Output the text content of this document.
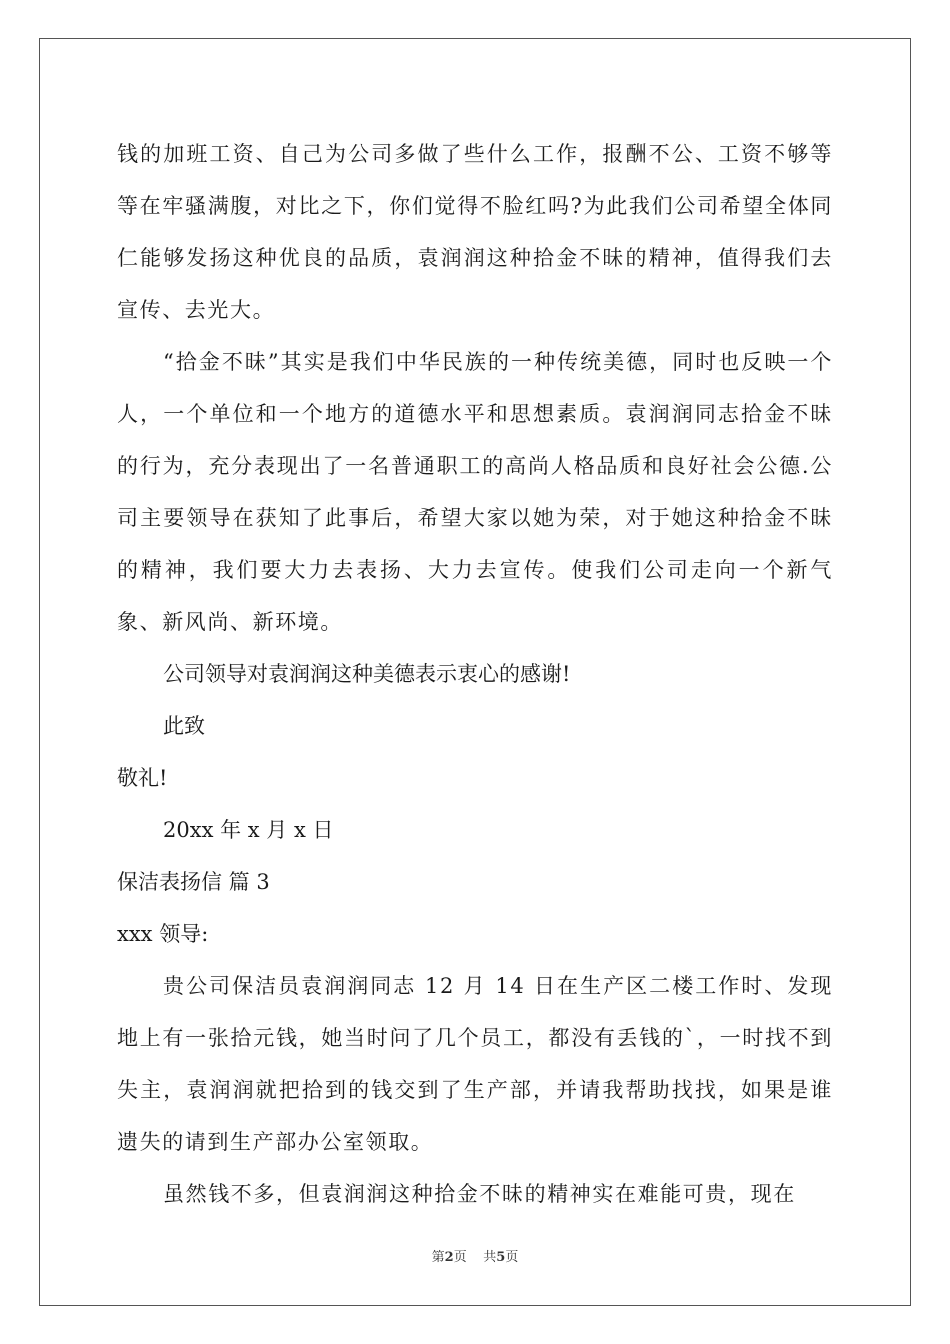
钱的加班工资、自己为公司多做了些什么工作，报酬不公、工资不够等等在牢骚满腹，对比之下，你们觉得不脸红吗?为此我们公司希望全体同仁能够发扬这种优良的品质，袁润润这种拾金不昧的精神，值得我们去宣传、去光大。

“拾金不昧”其实是我们中华民族的一种传统美德，同时也反映一个人，一个单位和一个地方的道德水平和思想素质。袁润润同志拾金不昧的行为，充分表现出了一名普通职工的高尚人格品质和良好社会公德.公司主要领导在获知了此事后，希望大家以她为荣，对于她这种拾金不昧的精神，我们要大力去表扬、大力去宣传。使我们公司走向一个新气象、新风尚、新环境。

公司领导对袁润润这种美德表示衷心的感谢!

此致

敬礼!

20xx 年 x 月 x 日

保洁表扬信 篇 3

xxx 领导:

贵公司保洁员袁润润同志 12 月 14 日在生产区二楼工作时、发现地上有一张拾元钱，她当时问了几个员工，都没有丢钱的`，一时找不到失主，袁润润就把拾到的钱交到了生产部，并请我帮助找找，如果是谁遗失的请到生产部办公室领取。

虽然钱不多，但袁润润这种拾金不昧的精神实在难能可贵，现在

第2页 共5页
